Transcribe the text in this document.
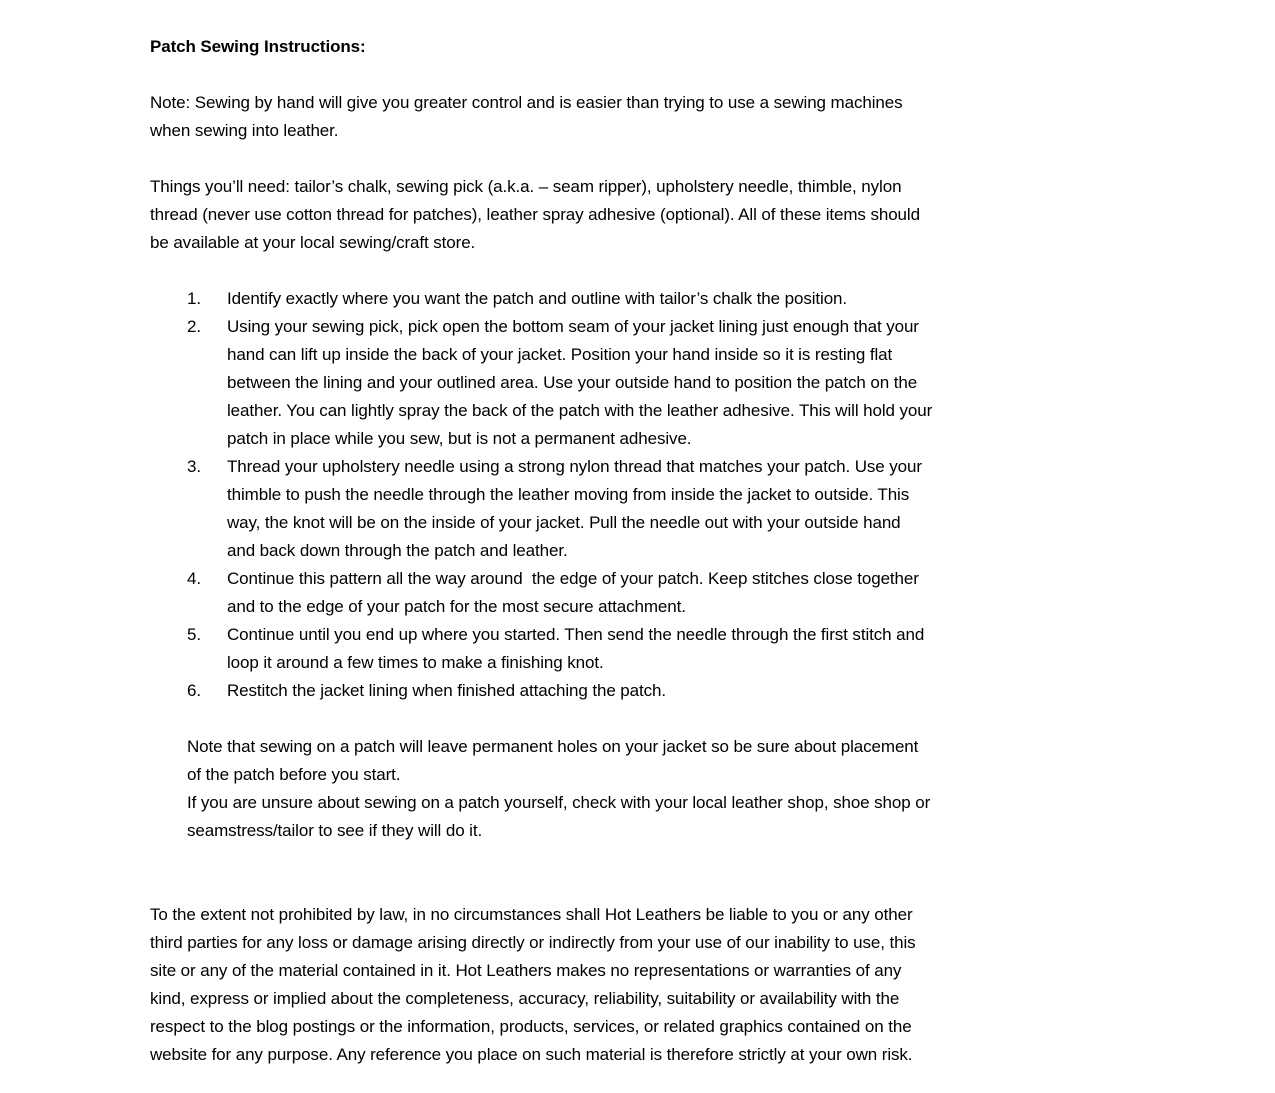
Patch Sewing Instructions:
Note: Sewing by hand will give you greater control and is easier than trying to use a sewing machines
when sewing into leather.
Things you’ll need: tailor’s chalk, sewing pick (a.k.a. – seam ripper), upholstery needle, thimble, nylon
thread (never use cotton thread for patches), leather spray adhesive (optional). All of these items should
be available at your local sewing/craft store.
1. Identify exactly where you want the patch and outline with tailor’s chalk the position.
2. Using your sewing pick, pick open the bottom seam of your jacket lining just enough that your
hand can lift up inside the back of your jacket. Position your hand inside so it is resting flat
between the lining and your outlined area. Use your outside hand to position the patch on the
leather. You can lightly spray the back of the patch with the leather adhesive. This will hold your
patch in place while you sew, but is not a permanent adhesive.
3. Thread your upholstery needle using a strong nylon thread that matches your patch. Use your
thimble to push the needle through the leather moving from inside the jacket to outside. This
way, the knot will be on the inside of your jacket. Pull the needle out with your outside hand
and back down through the patch and leather.
4. Continue this pattern all the way around  the edge of your patch. Keep stitches close together
and to the edge of your patch for the most secure attachment.
5. Continue until you end up where you started. Then send the needle through the first stitch and
loop it around a few times to make a finishing knot.
6. Restitch the jacket lining when finished attaching the patch.
Note that sewing on a patch will leave permanent holes on your jacket so be sure about placement
of the patch before you start.
If you are unsure about sewing on a patch yourself, check with your local leather shop, shoe shop or
seamstress/tailor to see if they will do it.
To the extent not prohibited by law, in no circumstances shall Hot Leathers be liable to you or any other
third parties for any loss or damage arising directly or indirectly from your use of our inability to use, this
site or any of the material contained in it. Hot Leathers makes no representations or warranties of any
kind, express or implied about the completeness, accuracy, reliability, suitability or availability with the
respect to the blog postings or the information, products, services, or related graphics contained on the
website for any purpose. Any reference you place on such material is therefore strictly at your own risk.
